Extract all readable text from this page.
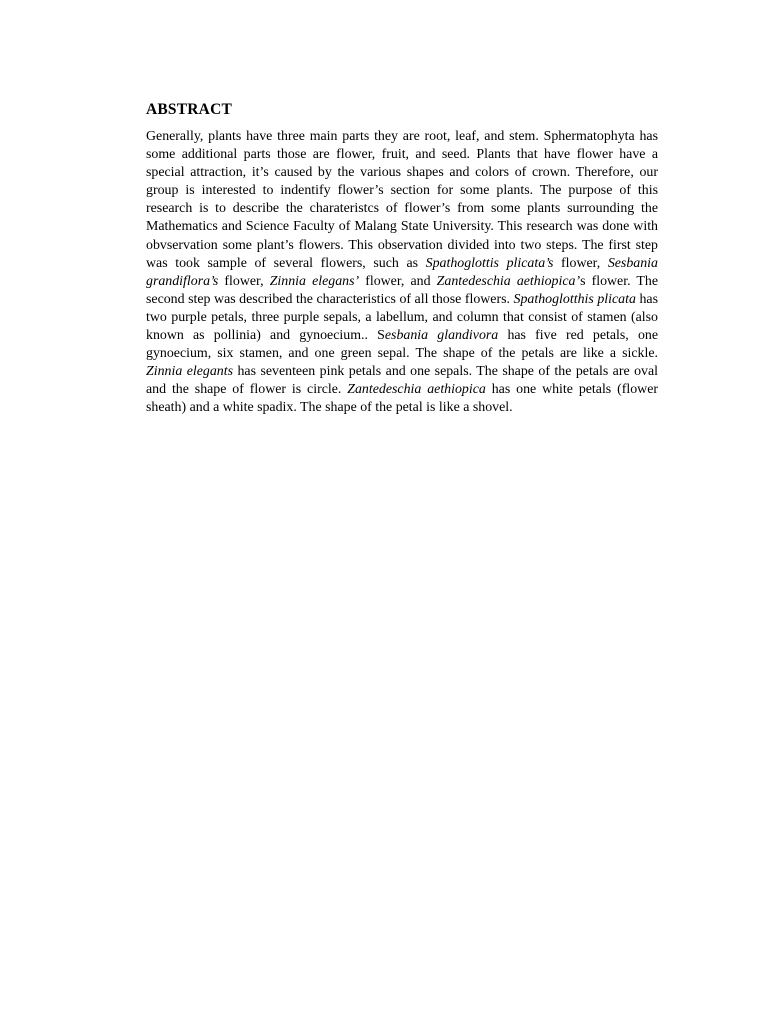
ABSTRACT

Generally, plants have three main parts they are root, leaf, and stem. Sphermatophyta has some additional parts those are flower, fruit, and seed. Plants that have flower have a special attraction, it’s caused by the various shapes and colors of crown. Therefore, our group is interested to indentify flower’s section for some plants. The purpose of this research is to describe the charateristcs of flower’s from some plants surrounding the Mathematics and Science Faculty of Malang State University. This research was done with obvservation some plant’s flowers. This observation divided into two steps. The first step was took sample of several flowers, such as Spathoglottis plicata’s flower, Sesbania grandiflora’s flower, Zinnia elegans’ flower, and Zantedeschia aethiopica’s flower. The second step was described the characteristics of all those flowers. Spathoglotthis plicata has two purple petals, three purple sepals, a labellum, and column that consist of stamen (also known as pollinia) and gynoecium.. Sesbania glandivora has five red petals, one gynoecium, six stamen, and one green sepal. The shape of the petals are like a sickle. Zinnia elegants has seventeen pink petals and one sepals. The shape of the petals are oval and the shape of flower is circle. Zantedeschia aethiopica has one white petals (flower sheath) and a white spadix. The shape of the petal is like a shovel.
